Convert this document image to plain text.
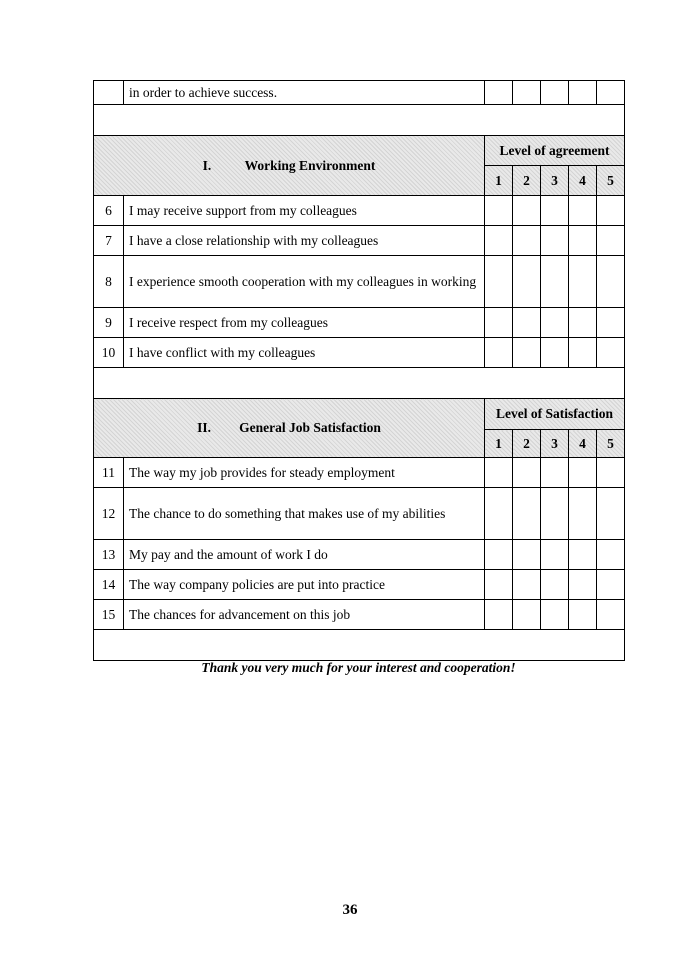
	in order to achieve success.					

I. Working Environment		Level of agreement				
		1	2	3	4	5
6	I may receive support from my colleagues					
7	I have a close relationship with my colleagues					
8	I experience smooth cooperation with my colleagues in working					
9	I receive respect from my colleagues					
10	I have conflict with my colleagues					

II. General Job Satisfaction		Level of Satisfaction				
		1	2	3	4	5
11	The way my job provides for steady employment					
12	The chance to do something that makes use of my abilities					
13	My pay and the amount of work I do					
14	The way company policies are put into practice					
15	The chances for advancement on this job					

Thank you very much for your interest and cooperation!
36
